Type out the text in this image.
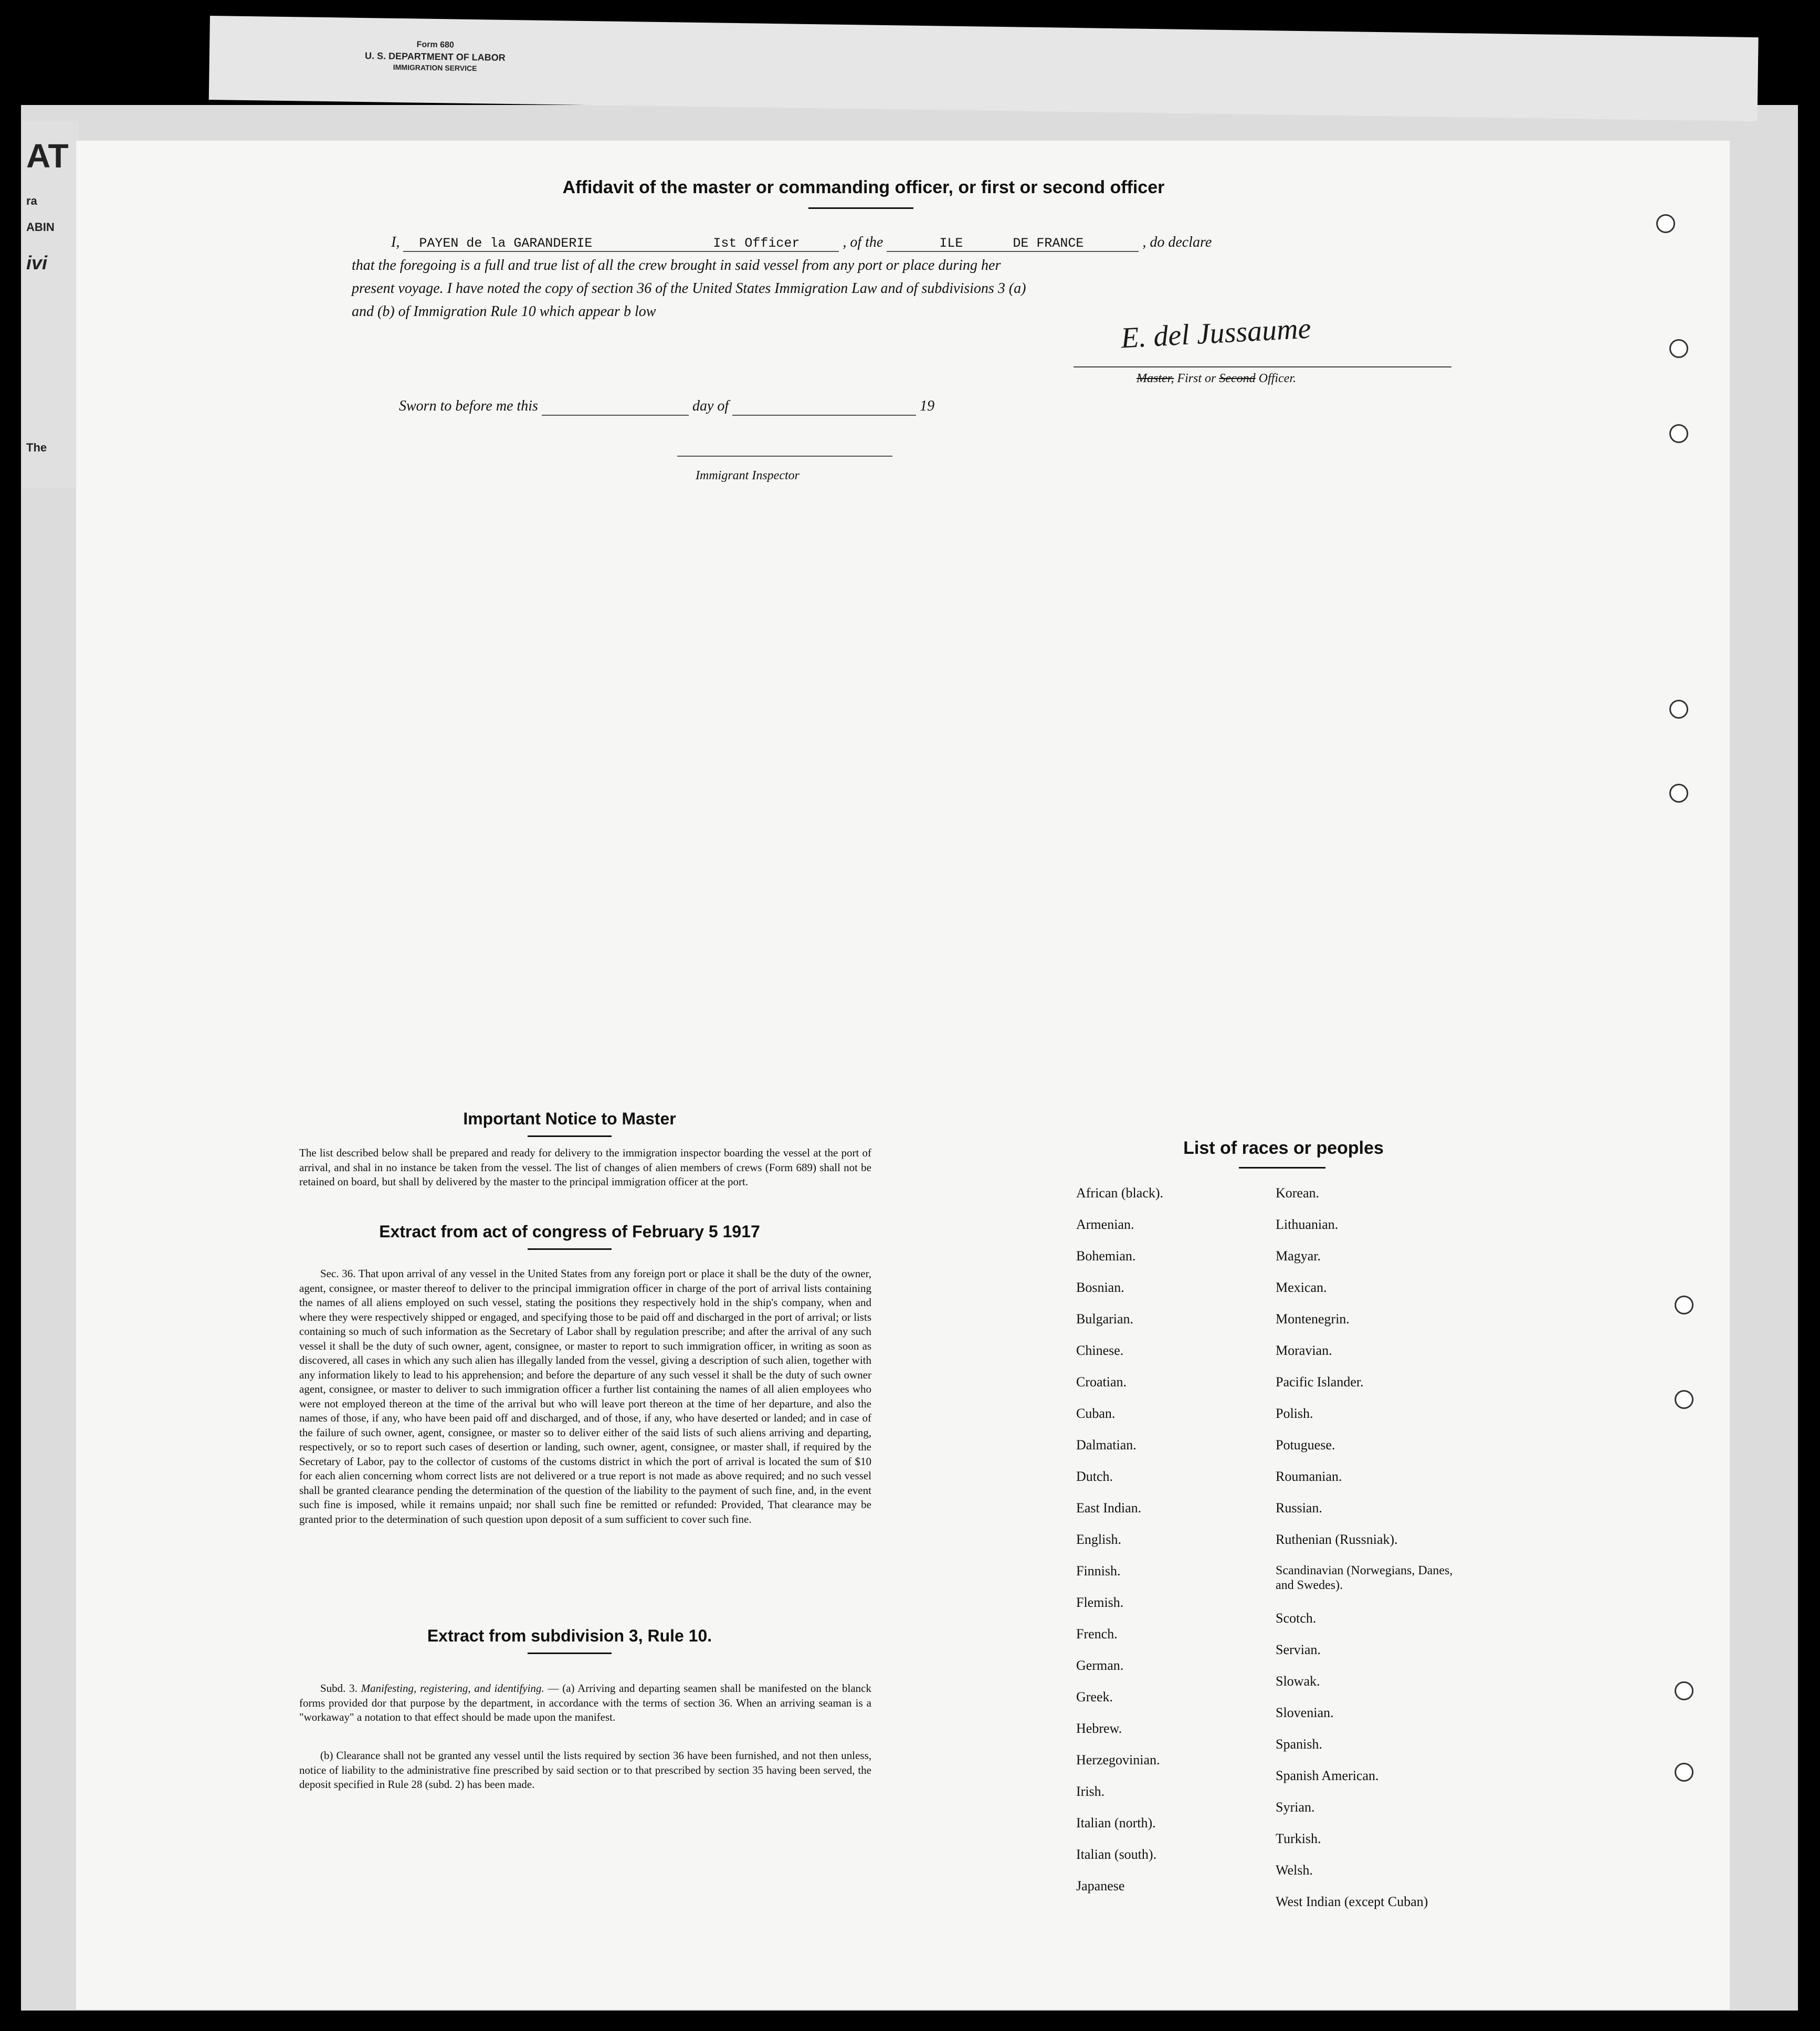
Form 680
U. S. DEPARTMENT OF LABOR
IMMIGRATION SERVICE
AT
ra
ABIN
ivi
The
Affidavit of the master or commanding officer, or first or second officer
I, PAYEN de la GARANDERIE	Ist Officer	, of the	ILE	DE FRANCE	, do declare
that the foregoing is a full and true list of all the crew brought in said vessel from any port or place during her
present voyage. I have noted the copy of section 36 of the United States Immigration Law and of subdivisions 3 (a)
and (b) of Immigration Rule 10 which appear b low
E. del Jussaume
Master, First or Second Officer.
Sworn to before me this	day of	19
Immigrant Inspector
Important Notice to Master
The list described below shall be prepared and ready for delivery to the immigration inspector boarding the vessel at the port of arrival, and shal in no instance be taken from the vessel. The list of changes of alien members of crews (Form 689) shall not be retained on board, but shall by delivered by the master to the principal immigration officer at the port.
Extract from act of congress of February 5 1917
Sec. 36. That upon arrival of any vessel in the United States from any foreign port or place it shall be the duty of the owner, agent, consignee, or master thereof to deliver to the principal immigration officer in charge of the port of arrival lists containing the names of all aliens employed on such vessel, stating the positions they respectively hold in the ship's company, when and where they were respectively shipped or engaged, and specifying those to be paid off and discharged in the port of arrival; or lists containing so much of such information as the Secretary of Labor shall by regulation prescribe; and after the arrival of any such vessel it shall be the duty of such owner, agent, consignee, or master to report to such immigration officer, in writing as soon as discovered, all cases in which any such alien has illegally landed from the vessel, giving a description of such alien, together with any information likely to lead to his apprehension; and before the departure of any such vessel it shall be the duty of such owner agent, consignee, or master to deliver to such immigration officer a further list containing the names of all alien employees who were not employed thereon at the time of the arrival but who will leave port thereon at the time of her departure, and also the names of those, if any, who have been paid off and discharged, and of those, if any, who have deserted or landed; and in case of the failure of such owner, agent, consignee, or master so to deliver either of the said lists of such aliens arriving and departing, respectively, or so to report such cases of desertion or landing, such owner, agent, consignee, or master shall, if required by the Secretary of Labor, pay to the collector of customs of the customs district in which the port of arrival is located the sum of $10 for each alien concerning whom correct lists are not delivered or a true report is not made as above required; and no such vessel shall be granted clearance pending the determination of the question of the liability to the payment of such fine, and, in the event such fine is imposed, while it remains unpaid; nor shall such fine be remitted or refunded: Provided, That clearance may be granted prior to the determination of such question upon deposit of a sum sufficient to cover such fine.
Extract from subdivision 3, Rule 10.
Subd. 3. Manifesting, registering, and identifying. — (a) Arriving and departing seamen shall be manifested on the blanck forms provided dor that purpose by the department, in accordance with the terms of section 36. When an arriving seaman is a "workaway" a notation to that effect should be made upon the manifest.
(b) Clearance shall not be granted any vessel until the lists required by section 36 have been furnished, and not then unless, notice of liability to the administrative fine prescribed by said section or to that prescribed by section 35 having been served, the deposit specified in Rule 28 (subd. 2) has been made.
List of races or peoples
African (black).
Armenian.
Bohemian.
Bosnian.
Bulgarian.
Chinese.
Croatian.
Cuban.
Dalmatian.
Dutch.
East Indian.
English.
Finnish.
Flemish.
French.
German.
Greek.
Hebrew.
Herzegovinian.
Irish.
Italian (north).
Italian (south).
Japanese
Korean.
Lithuanian.
Magyar.
Mexican.
Montenegrin.
Moravian.
Pacific Islander.
Polish.
Potuguese.
Roumanian.
Russian.
Ruthenian (Russniak).
Scandinavian (Norwegians, Danes, and Swedes).
Scotch.
Servian.
Slowak.
Slovenian.
Spanish.
Spanish American.
Syrian.
Turkish.
Welsh.
West Indian (except Cuban)
